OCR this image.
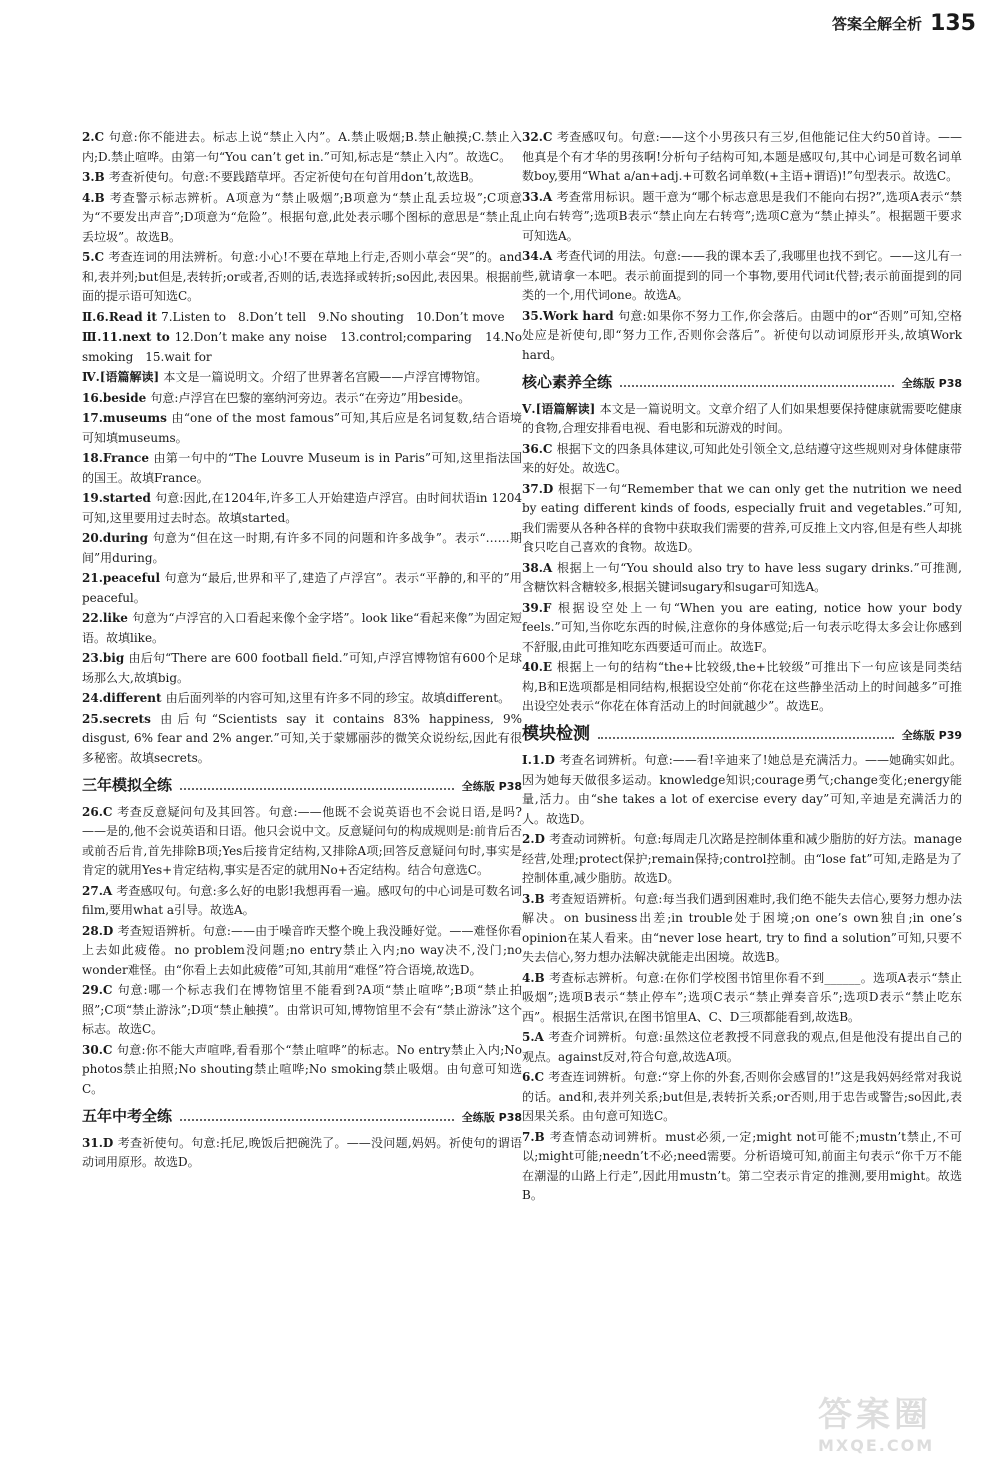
答案全解全析 135
2.C 句意:你不能进去。标志上说“禁止入内”。A.禁止吸烟;B.禁止触摸;C.禁止入内;D.禁止喧哗。由第一句“You can’t get in.”可知,标志是“禁止入内”。故选C。
3.B 考查祈使句。句意:不要践踏草坪。否定祈使句在句首用don’t,故选B。
4.B 考查警示标志辨析。A项意为“禁止吸烟”;B项意为“禁止乱丢垃圾”;C项意为“不要发出声音”;D项意为“危险”。根据句意,此处表示哪个图标的意思是“禁止乱丢垃圾”。故选B。
5.C 考查连词的用法辨析。句意:小心!不要在草地上行走,否则小草会“哭”的。and和,表并列;but但是,表转折;or或者,否则的话,表选择或转折;so因此,表因果。根据前面的提示语可知选C。
Ⅱ.6.Read it 7.Listen to　8.Don’t tell　9.No shouting　10.Don’t move
Ⅲ.11.next to 12.Don’t make any noise　13.control;comparing　14.No smoking　15.wait for
Ⅳ.[语篇解读] 本文是一篇说明文。介绍了世界著名宫殿——卢浮宫博物馆。
16.beside 句意:卢浮宫在巴黎的塞纳河旁边。表示“在旁边”用beside。
17.museums 由“one of the most famous”可知,其后应是名词复数,结合语境可知填museums。
18.France 由第一句中的“The Louvre Museum is in Paris”可知,这里指法国的国王。故填France。
19.started 句意:因此,在1204年,许多工人开始建造卢浮宫。由时间状语in 1204可知,这里要用过去时态。故填started。
20.during 句意为“但在这一时期,有许多不同的问题和许多战争”。表示“……期间”用during。
21.peaceful 句意为“最后,世界和平了,建造了卢浮宫”。表示“平静的,和平的”用peaceful。
22.like 句意为“卢浮宫的入口看起来像个金字塔”。look like“看起来像”为固定短语。故填like。
23.big 由后句“There are 600 football field.”可知,卢浮宫博物馆有600个足球场那么大,故填big。
24.different 由后面列举的内容可知,这里有许多不同的珍宝。故填different。
25.secrets 由后句“Scientists say it contains 83% happiness, 9% disgust, 6% fear and 2% anger.”可知,关于蒙娜丽莎的微笑众说纷纭,因此有很多秘密。故填secrets。
三年模拟全练	全练版 P38
26.C 考查反意疑问句及其回答。句意:——他既不会说英语也不会说日语,是吗?——是的,他不会说英语和日语。他只会说中文。反意疑问句的构成规则是:前肯后否或前否后肯,首先排除B项;Yes后接肯定结构,又排除A项;回答反意疑问句时,事实是肯定的就用Yes+肯定结构,事实是否定的就用No+否定结构。结合句意选C。
27.A 考查感叹句。句意:多么好的电影!我想再看一遍。感叹句的中心词是可数名词film,要用what a引导。故选A。
28.D 考查短语辨析。句意:——由于噪音昨天整个晚上我没睡好觉。——难怪你看上去如此疲倦。no problem没问题;no entry禁止入内;no way决不,没门;no wonder难怪。由“你看上去如此疲倦”可知,其前用“难怪”符合语境,故选D。
29.C 句意:哪一个标志我们在博物馆里不能看到?A项“禁止喧哗”;B项“禁止拍照”;C项“禁止游泳”;D项“禁止触摸”。由常识可知,博物馆里不会有“禁止游泳”这个标志。故选C。
30.C 句意:你不能大声喧哗,看看那个“禁止喧哗”的标志。No entry禁止入内;No photos禁止拍照;No shouting禁止喧哗;No smoking禁止吸烟。由句意可知选C。
五年中考全练	全练版 P38
31.D 考查祈使句。句意:托尼,晚饭后把碗洗了。——没问题,妈妈。祈使句的谓语动词用原形。故选D。
32.C 考查感叹句。句意:——这个小男孩只有三岁,但他能记住大约50首诗。——他真是个有才华的男孩啊!分析句子结构可知,本题是感叹句,其中心词是可数名词单数boy,要用“What a/an+adj.+可数名词单数(+主语+谓语)!”句型表示。故选C。
33.A 考查常用标识。题干意为“哪个标志意思是我们不能向右拐?”,选项A表示“禁止向右转弯”;选项B表示“禁止向左右转弯”;选项C意为“禁止掉头”。根据题干要求可知选A。
34.A 考查代词的用法。句意:——我的课本丢了,我哪里也找不到它。——这儿有一些,就请拿一本吧。表示前面提到的同一个事物,要用代词it代替;表示前面提到的同类的一个,用代词one。故选A。
35.Work hard 句意:如果你不努力工作,你会落后。由题中的or“否则”可知,空格处应是祈使句,即“努力工作,否则你会落后”。祈使句以动词原形开头,故填Work hard。
核心素养全练	全练版 P38
Ⅴ.[语篇解读] 本文是一篇说明文。文章介绍了人们如果想要保持健康就需要吃健康的食物,合理安排看电视、看电影和玩游戏的时间。
36.C 根据下文的四条具体建议,可知此处引领全文,总结遵守这些规则对身体健康带来的好处。故选C。
37.D 根据下一句“Remember that we can only get the nutrition we need by eating different kinds of foods, especially fruit and vegetables.”可知,我们需要从各种各样的食物中获取我们需要的营养,可反推上文内容,但是有些人却挑食只吃自己喜欢的食物。故选D。
38.A 根据上一句“You should also try to have less sugary drinks.”可推测,含糖饮料含糖较多,根据关键词sugary和sugar可知选A。
39.F 根据设空处上一句“When you are eating, notice how your body feels.”可知,当你吃东西的时候,注意你的身体感觉;后一句表示吃得太多会让你感到不舒服,由此可推知吃东西要适可而止。故选F。
40.E 根据上一句的结构“the+比较级,the+比较级”可推出下一句应该是同类结构,B和E选项都是相同结构,根据设空处前“你花在这些静坐活动上的时间越多”可推出设空处表示“你花在体育活动上的时间就越少”。故选E。
模块检测	全练版 P39
Ⅰ.1.D 考查名词辨析。句意:——看!辛迪来了!她总是充满活力。——她确实如此。因为她每天做很多运动。knowledge知识;courage勇气;change变化;energy能量,活力。由“she takes a lot of exercise every day”可知,辛迪是充满活力的人。故选D。
2.D 考查动词辨析。句意:每周走几次路是控制体重和减少脂肪的好方法。manage经营,处理;protect保护;remain保持;control控制。由“lose fat”可知,走路是为了控制体重,减少脂肪。故选D。
3.B 考查短语辨析。句意:每当我们遇到困难时,我们绝不能失去信心,要努力想办法解决。on business出差;in trouble处于困境;on one’s own独自;in one’s opinion在某人看来。由“never lose heart, try to find a solution”可知,只要不失去信心,努力想办法解决就能走出困境。故选B。
4.B 考查标志辨析。句意:在你们学校图书馆里你看不到______。选项A表示“禁止吸烟”;选项B表示“禁止停车”;选项C表示“禁止弹奏音乐”;选项D表示“禁止吃东西”。根据生活常识,在图书馆里A、C、D三项都能看到,故选B。
5.A 考查介词辨析。句意:虽然这位老教授不同意我的观点,但是他没有提出自己的观点。against反对,符合句意,故选A项。
6.C 考查连词辨析。句意:“穿上你的外套,否则你会感冒的!”这是我妈妈经常对我说的话。and和,表并列关系;but但是,表转折关系;or否则,用于忠告或警告;so因此,表因果关系。由句意可知选C。
7.B 考查情态动词辨析。must必须,一定;might not可能不;mustn’t禁止,不可以;might可能;needn’t不必;need需要。分析语境可知,前面主句表示“你千万不能在潮湿的山路上行走”,因此用mustn’t。第二空表示肯定的推测,要用might。故选B。
答案圈
MXQE.COM
